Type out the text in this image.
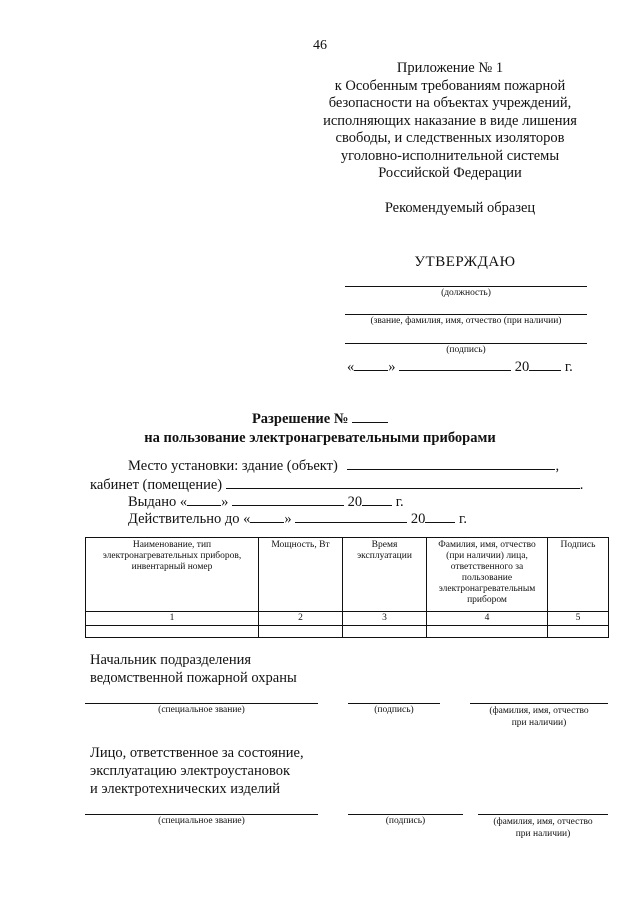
46
Приложение № 1
к Особенным требованиям пожарной
безопасности на объектах учреждений,
исполняющих наказание в виде лишения
свободы, и следственных изоляторов
уголовно-исполнительной системы
Российской Федерации
Рекомендуемый образец
УТВЕРЖДАЮ
(должность)
(звание, фамилия, имя, отчество (при наличии)
(подпись)
« »	20 г.
Разрешение №
на пользование электронагревательными приборами
Место установки: здание (объект)	,
кабинет (помещение)	.
Выдано « »	20 г.
Действительно до « »	20 г.
Наименование, тип электронагревательных приборов, инвентарный номер	Мощность, Вт	Время эксплуатации	Фамилия, имя, отчество (при наличии) лица, ответственного за пользование электронагревательным прибором	Подпись
1	2	3	4	5

Начальник подразделения
ведомственной пожарной охраны
(специальное звание)	(подпись)	(фамилия, имя, отчество
при наличии)
Лицо, ответственное за состояние,
эксплуатацию электроустановок
и электротехнических изделий
(специальное звание)	(подпись)	(фамилия, имя, отчество
при наличии)
